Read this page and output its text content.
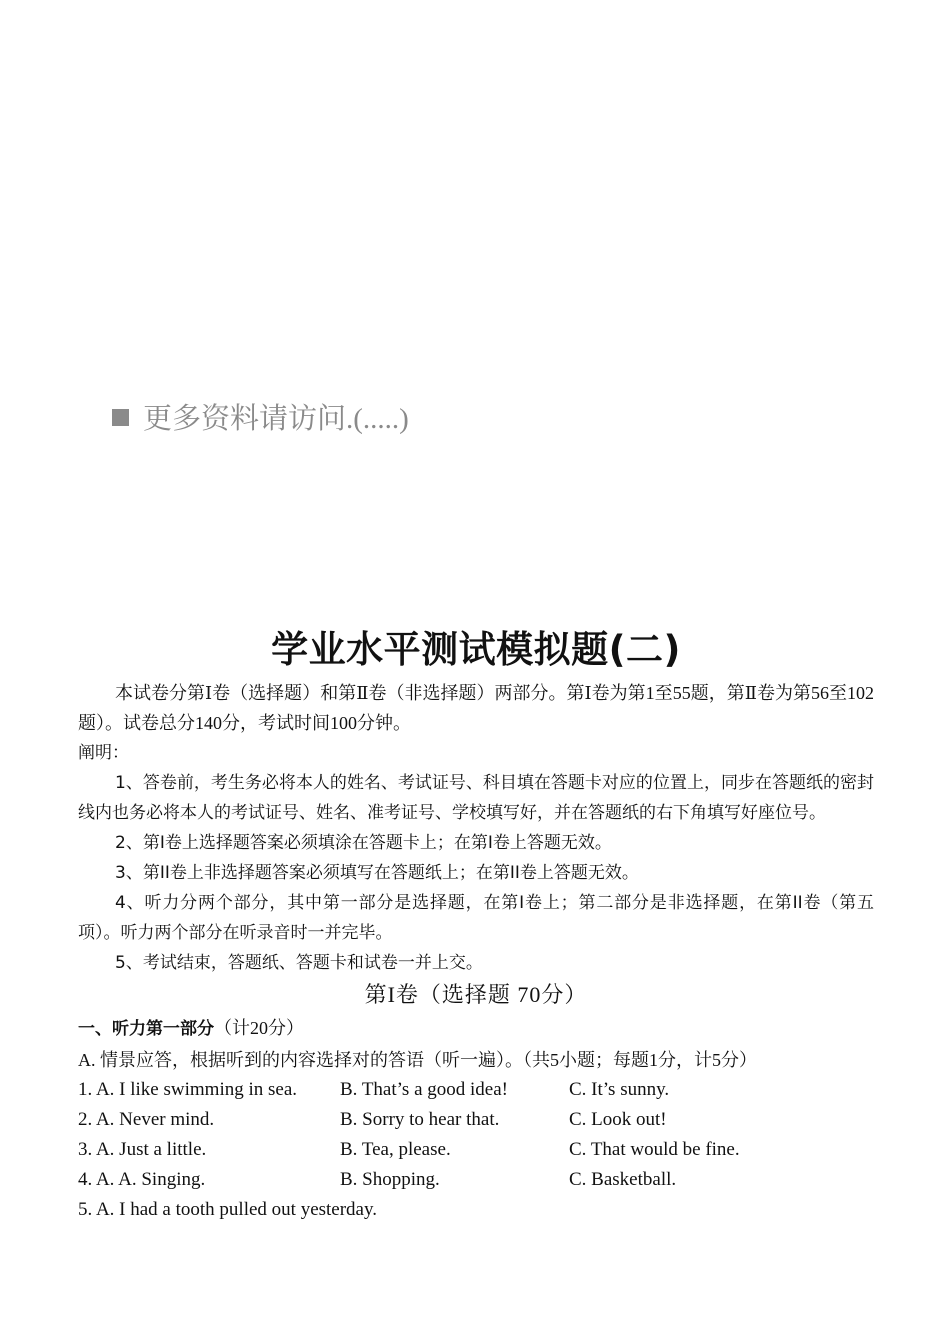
更多资料请访问.(.....)
学业水平测试模拟题(二)

本试卷分第Ⅰ卷（选择题）和第Ⅱ卷（非选择题）两部分。第Ⅰ卷为第1至55题，第Ⅱ卷为第56至102题）。试卷总分140分，考试时间100分钟。

阐明：

1、答卷前，考生务必将本人的姓名、考试证号、科目填在答题卡对应的位置上，同步在答题纸的密封线内也务必将本人的考试证号、姓名、准考证号、学校填写好，并在答题纸的右下角填写好座位号。

2、第Ⅰ卷上选择题答案必须填涂在答题卡上；在第Ⅰ卷上答题无效。

3、第II卷上非选择题答案必须填写在答题纸上；在第II卷上答题无效。

4、听力分两个部分，其中第一部分是选择题，在第Ⅰ卷上；第二部分是非选择题，在第II卷（第五项）。听力两个部分在听录音时一并完毕。

5、考试结束，答题纸、答题卡和试卷一并上交。

第I卷（选择题 70分）

一、听力第一部分（计20分）

A. 情景应答，根据听到的内容选择对的答语（听一遍）。（共5小题；每题1分，计5分）

1. A. I like swimming in sea.	B. That’s a good idea!	C. It’s sunny.
2. A. Never mind.	B. Sorry to hear that.	C. Look out!
3. A. Just a little.	B. Tea, please.	C. That would be fine.
4. A. A. Singing.	B. Shopping.	C. Basketball.
5. A. I had a tooth pulled out yesterday.
